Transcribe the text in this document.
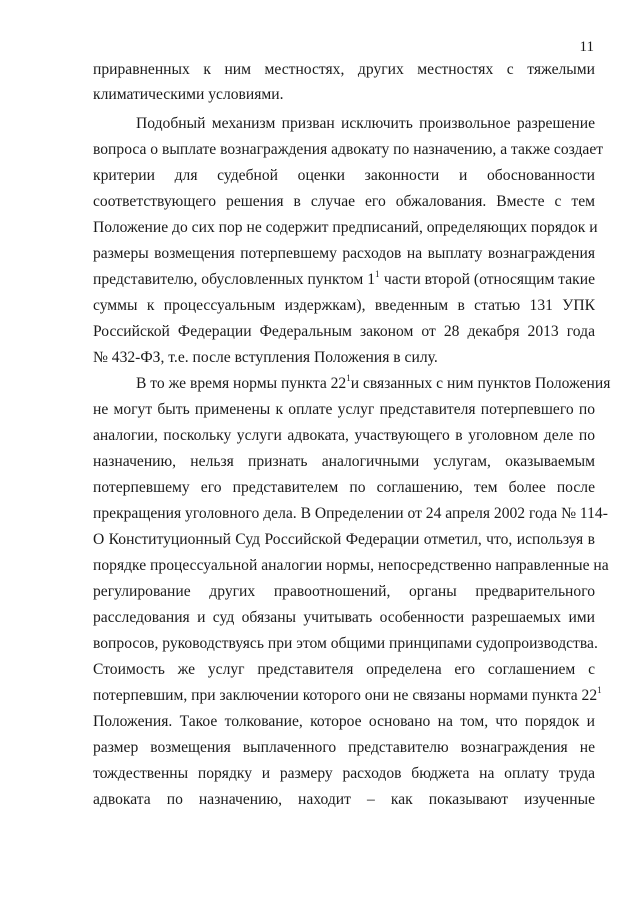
11
приравненных к ним местностях, других местностях с тяжелыми
климатическими условиями.
Подобный механизм призван исключить произвольное разрешение
вопроса о выплате вознаграждения адвокату по назначению, а также создает
критерии для судебной оценки законности и обоснованности
соответствующего решения в случае его обжалования. Вместе с тем
Положение до сих пор не содержит предписаний, определяющих порядок и
размеры возмещения потерпевшему расходов на выплату вознаграждения
представителю, обусловленных пунктом $1^1$ части второй (относящим такие
суммы к процессуальным издержкам), введенным в статью 131 УПК
Российской Федерации Федеральным законом от 28 декабря 2013 года
№ 432-ФЗ, т.е. после вступления Положения в силу.
В то же время нормы пункта $22^1$ и связанных с ним пунктов Положения
не могут быть применены к оплате услуг представителя потерпевшего по
аналогии, поскольку услуги адвоката, участвующего в уголовном деле по
назначению, нельзя признать аналогичными услугам, оказываемым
потерпевшему его представителем по соглашению, тем более после
прекращения уголовного дела. В Определении от 24 апреля 2002 года № 114-
О Конституционный Суд Российской Федерации отметил, что, используя в
порядке процессуальной аналогии нормы, непосредственно направленные на
регулирование других правоотношений, органы предварительного
расследования и суд обязаны учитывать особенности разрешаемых ими
вопросов, руководствуясь при этом общими принципами судопроизводства.
Стоимость же услуг представителя определена его соглашением с
потерпевшим, при заключении которого они не связаны нормами пункта $22^1$
Положения. Такое толкование, которое основано на том, что порядок и
размер возмещения выплаченного представителю вознаграждения не
тождественны порядку и размеру расходов бюджета на оплату труда
адвоката по назначению, находит – как показывают изученные
